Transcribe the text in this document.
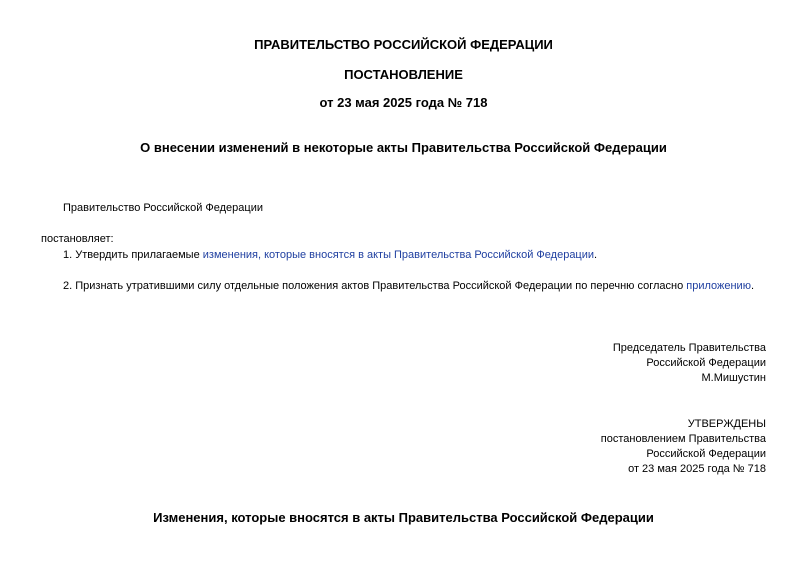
ПРАВИТЕЛЬСТВО РОССИЙСКОЙ ФЕДЕРАЦИИ
ПОСТАНОВЛЕНИЕ
от 23 мая 2025 года № 718
О внесении изменений в некоторые акты Правительства Российской Федерации
Правительство Российской Федерации
постановляет:
1. Утвердить прилагаемые изменения, которые вносятся в акты Правительства Российской Федерации.
2. Признать утратившими силу отдельные положения актов Правительства Российской Федерации по перечню согласно приложению.
Председатель Правительства
Российской Федерации
М.Мишустин
УТВЕРЖДЕНЫ
постановлением Правительства
Российской Федерации
от 23 мая 2025 года № 718
Изменения, которые вносятся в акты Правительства Российской Федерации
